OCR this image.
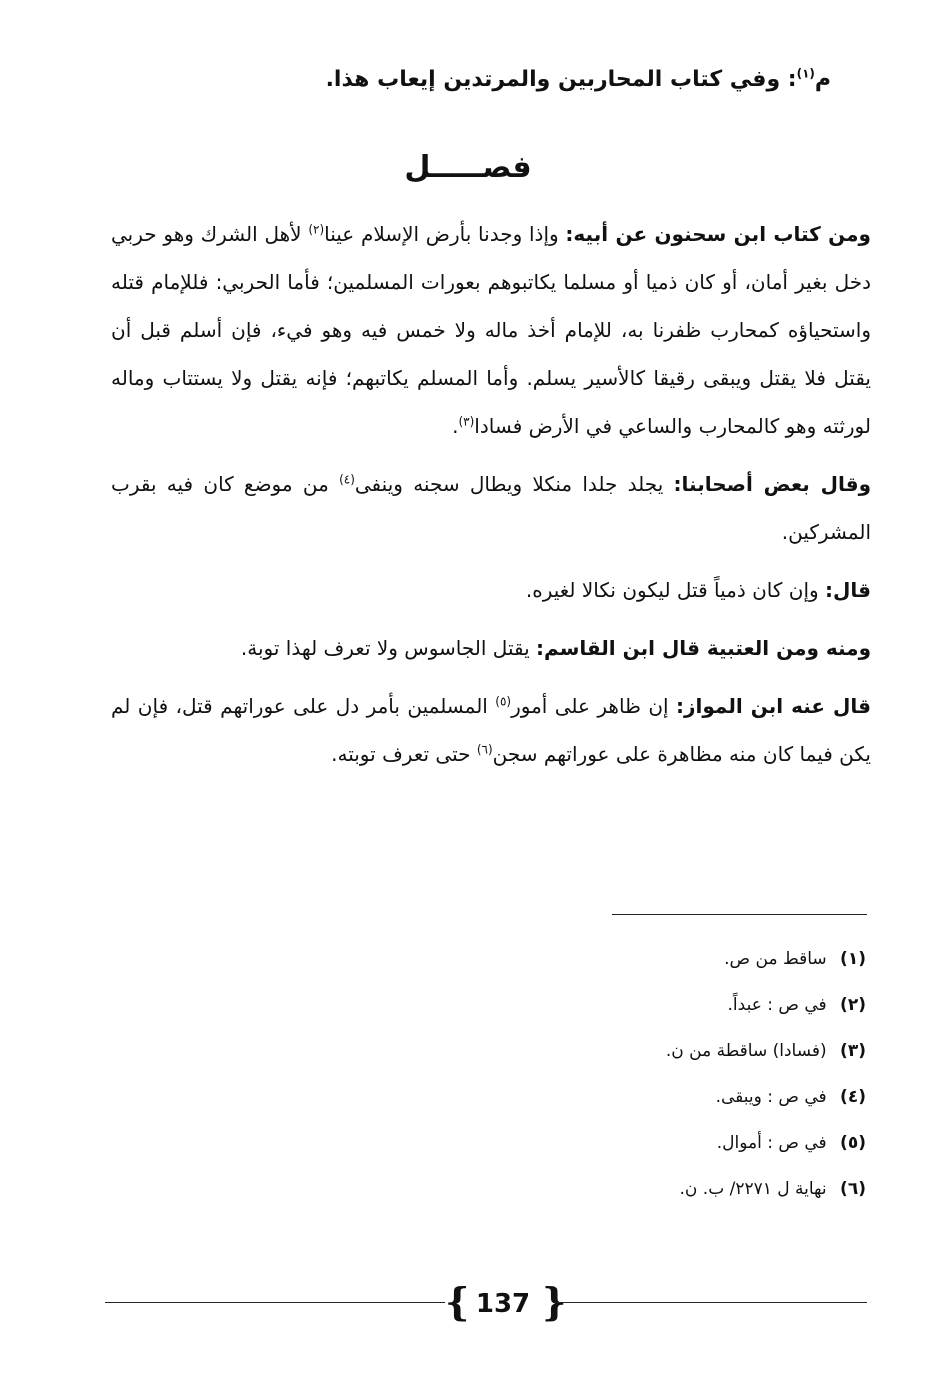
م$^{(١)}$: وفي كتاب المحاربين والمرتدين إيعاب هذا.
فصـــــل

ومن كتاب ابن سحنون عن أبيه: وإذا وجدنا بأرض الإسلام عينا$^{(٢)}$ لأهل الشرك وهو حربي دخل بغير أمان، أو كان ذميا أو مسلما يكاتبوهم بعورات المسلمين؛ فأما الحربي: فللإمام قتله واستحياؤه كمحارب ظفرنا به، للإمام أخذ ماله ولا خمس فيه وهو فيء، فإن أسلم قبل أن يقتل فلا يقتل ويبقى رقيقا كالأسير يسلم. وأما المسلم يكاتبهم؛ فإنه يقتل ولا يستتاب وماله لورثته وهو كالمحارب والساعي في الأرض فسادا$^{(٣)}$.

وقال بعض أصحابنا: يجلد جلدا منكلا ويطال سجنه وينفى$^{(٤)}$ من موضع كان فيه بقرب المشركين.

قال: وإن كان ذمياً قتل ليكون نكالا لغيره.

ومنه ومن العتبية قال ابن القاسم: يقتل الجاسوس ولا تعرف لهذا توبة.

قال عنه ابن المواز: إن ظاهر على أمور$^{(٥)}$ المسلمين بأمر دل على عوراتهم قتل، فإن لم يكن فيما كان منه مظاهرة على عوراتهم سجن$^{(٦)}$ حتى تعرف توبته.

(١) ساقط من ص.
(٢) في ص : عبداً.
(٣) (فسادا) ساقطة من ن.
(٤) في ص : ويبقى.
(٥) في ص : أموال.
(٦) نهاية ل ٢٢٧١/ ب. ن.
{ 137 }
